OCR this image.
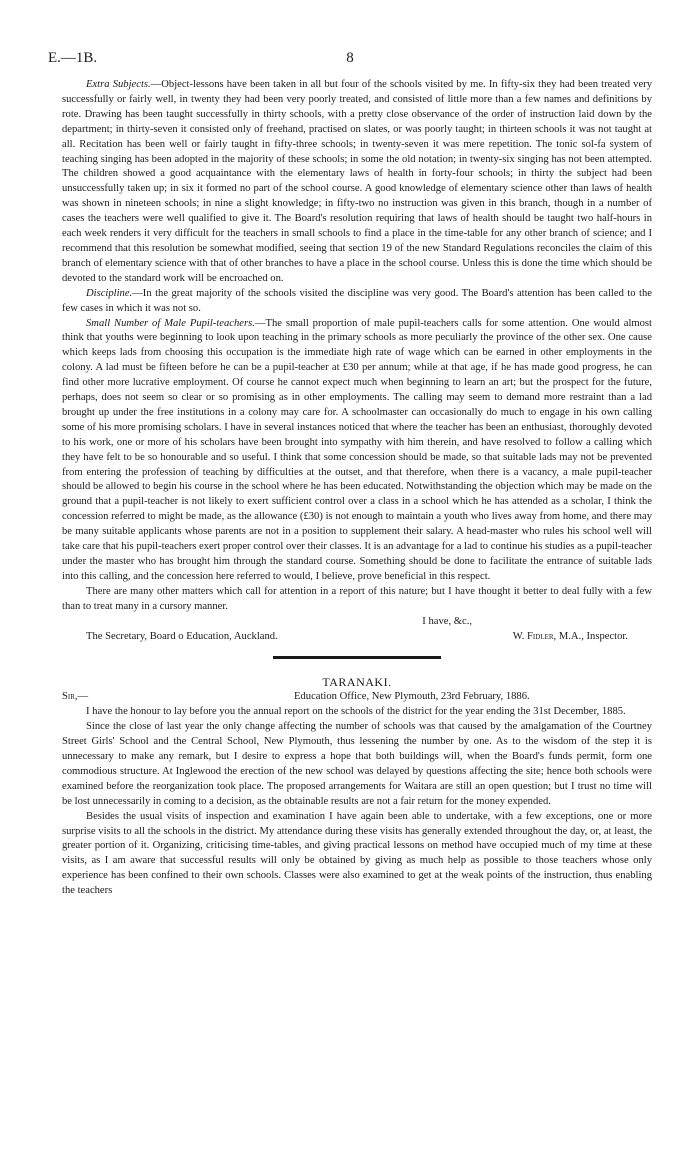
E.—1B.	8

Extra Subjects.—Object-lessons have been taken in all but four of the schools visited by me. In fifty-six they had been treated very successfully or fairly well, in twenty they had been very poorly treated, and consisted of little more than a few names and definitions by rote. Drawing has been taught successfully in thirty schools, with a pretty close observance of the order of instruction laid down by the department; in thirty-seven it consisted only of freehand, practised on slates, or was poorly taught; in thirteen schools it was not taught at all. Recitation has been well or fairly taught in fifty-three schools; in twenty-seven it was mere repetition. The tonic sol-fa system of teaching singing has been adopted in the majority of these schools; in some the old notation; in twenty-six singing has not been attempted. The children showed a good acquaintance with the elementary laws of health in forty-four schools; in thirty the subject had been unsuccessfully taken up; in six it formed no part of the school course. A good knowledge of elementary science other than laws of health was shown in nineteen schools; in nine a slight knowledge; in fifty-two no instruction was given in this branch, though in a number of cases the teachers were well qualified to give it. The Board's resolution requiring that laws of health should be taught two half-hours in each week renders it very difficult for the teachers in small schools to find a place in the time-table for any other branch of science; and I recommend that this resolution be somewhat modified, seeing that section 19 of the new Standard Regulations reconciles the claim of this branch of elementary science with that of other branches to have a place in the school course. Unless this is done the time which should be devoted to the standard work will be encroached on.

Discipline.—In the great majority of the schools visited the discipline was very good. The Board's attention has been called to the few cases in which it was not so.

Small Number of Male Pupil-teachers.—The small proportion of male pupil-teachers calls for some attention. One would almost think that youths were beginning to look upon teaching in the primary schools as more peculiarly the province of the other sex. One cause which keeps lads from choosing this occupation is the immediate high rate of wage which can be earned in other employments in the colony. A lad must be fifteen before he can be a pupil-teacher at £30 per annum; while at that age, if he has made good progress, he can find other more lucrative employment. Of course he cannot expect much when beginning to learn an art; but the prospect for the future, perhaps, does not seem so clear or so promising as in other employments. The calling may seem to demand more restraint than a lad brought up under the free institutions in a colony may care for. A schoolmaster can occasionally do much to engage in his own calling some of his more promising scholars. I have in several instances noticed that where the teacher has been an enthusiast, thoroughly devoted to his work, one or more of his scholars have been brought into sympathy with him therein, and have resolved to follow a calling which they have felt to be so honourable and so useful. I think that some concession should be made, so that suitable lads may not be prevented from entering the profession of teaching by difficulties at the outset, and that therefore, when there is a vacancy, a male pupil-teacher should be allowed to begin his course in the school where he has been educated. Notwithstanding the objection which may be made on the ground that a pupil-teacher is not likely to exert sufficient control over a class in a school which he has attended as a scholar, I think the concession referred to might be made, as the allowance (£30) is not enough to maintain a youth who lives away from home, and there may be many suitable applicants whose parents are not in a position to supplement their salary. A head-master who rules his school well will take care that his pupil-teachers exert proper control over their classes. It is an advantage for a lad to continue his studies as a pupil-teacher under the master who has brought him through the standard course. Something should be done to facilitate the entrance of suitable lads into this calling, and the concession here referred to would, I believe, prove beneficial in this respect.

There are many other matters which call for attention in a report of this nature; but I have thought it better to deal fully with a few than to treat many in a cursory manner.

I have, &c.,

The Secretary, Board o Education, Auckland.	W. Fidler, M.A., Inspector.

TARANAKI.

Sir,—	Education Office, New Plymouth, 23rd February, 1886.

I have the honour to lay before you the annual report on the schools of the district for the year ending the 31st December, 1885.

Since the close of last year the only change affecting the number of schools was that caused by the amalgamation of the Courtney Street Girls' School and the Central School, New Plymouth, thus lessening the number by one. As to the wisdom of the step it is unnecessary to make any remark, but I desire to express a hope that both buildings will, when the Board's funds permit, form one commodious structure. At Inglewood the erection of the new school was delayed by questions affecting the site; hence both schools were examined before the reorganization took place. The proposed arrangements for Waitara are still an open question; but I trust no time will be lost unnecessarily in coming to a decision, as the obtainable results are not a fair return for the money expended.

Besides the usual visits of inspection and examination I have again been able to undertake, with a few exceptions, one or more surprise visits to all the schools in the district. My attendance during these visits has generally extended throughout the day, or, at least, the greater portion of it. Organizing, criticising time-tables, and giving practical lessons on method have occupied much of my time at these visits, as I am aware that successful results will only be obtained by giving as much help as possible to those teachers whose only experience has been confined to their own schools. Classes were also examined to get at the weak points of the instruction, thus enabling the teachers
